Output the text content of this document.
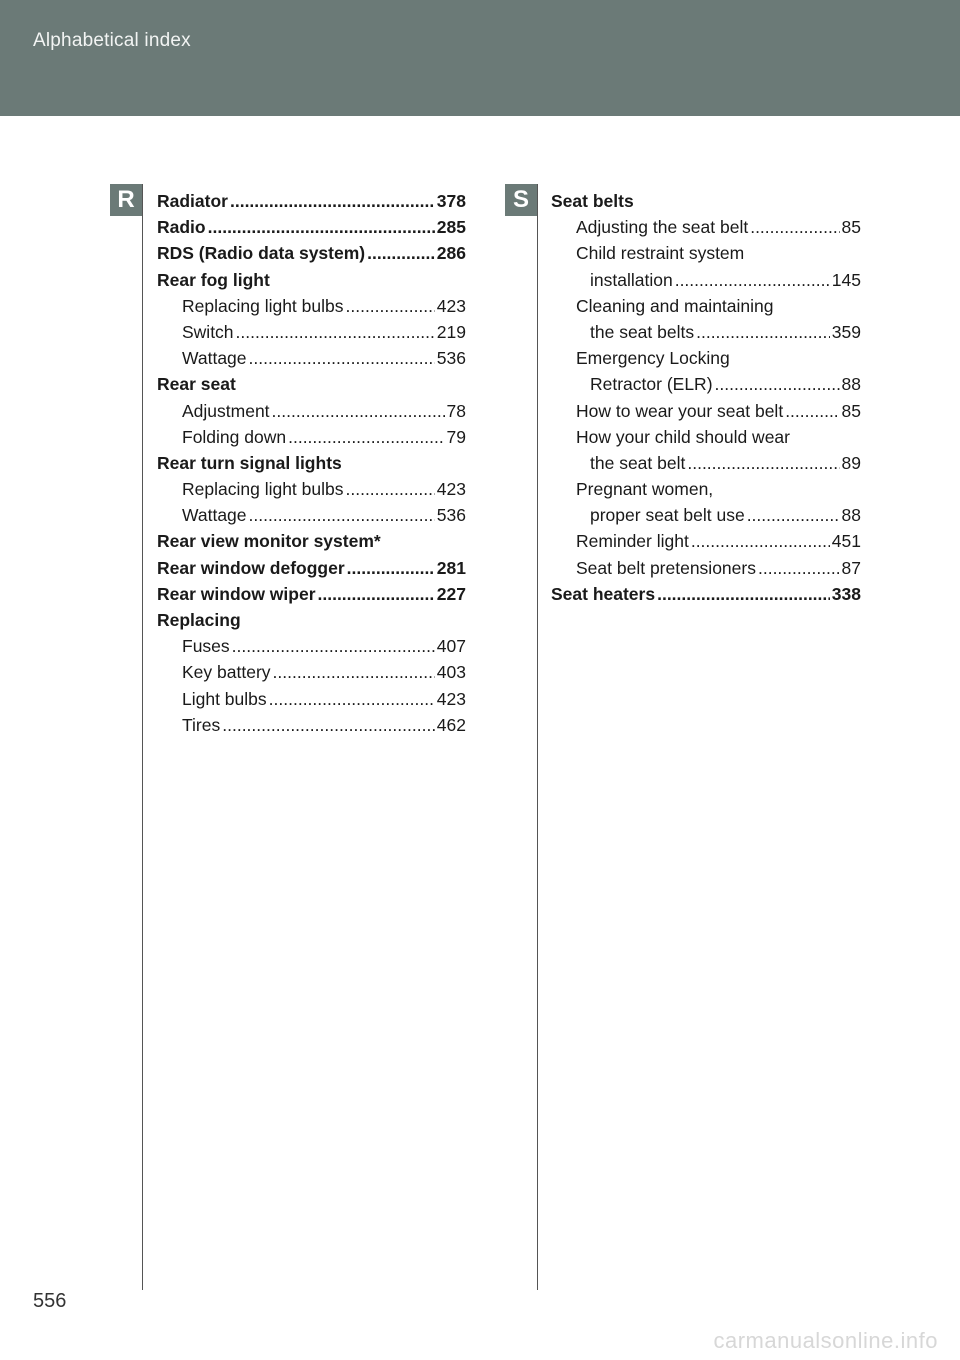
Alphabetical index
R	S
Radiator .....	378
Radio .....	285
RDS (Radio data system) .....	286
Rear fog light
Replacing light bulbs .....	423
Switch .....	219
Wattage .....	536
Rear seat
Adjustment .....	78
Folding down .....	79
Rear turn signal lights
Replacing light bulbs .....	423
Wattage .....	536
Rear view monitor system*
Rear window defogger .....	281
Rear window wiper .....	227
Replacing
Fuses .....	407
Key battery .....	403
Light bulbs .....	423
Tires .....	462
Seat belts
Adjusting the seat belt .....	85
Child restraint system
installation .....	145
Cleaning and maintaining
the seat belts .....	359
Emergency Locking
Retractor (ELR) .....	88
How to wear your seat belt .....	85
How your child should wear
the seat belt .....	89
Pregnant women,
proper seat belt use .....	88
Reminder light .....	451
Seat belt pretensioners .....	87
Seat heaters .....	338
556
carmanualsonline.info
